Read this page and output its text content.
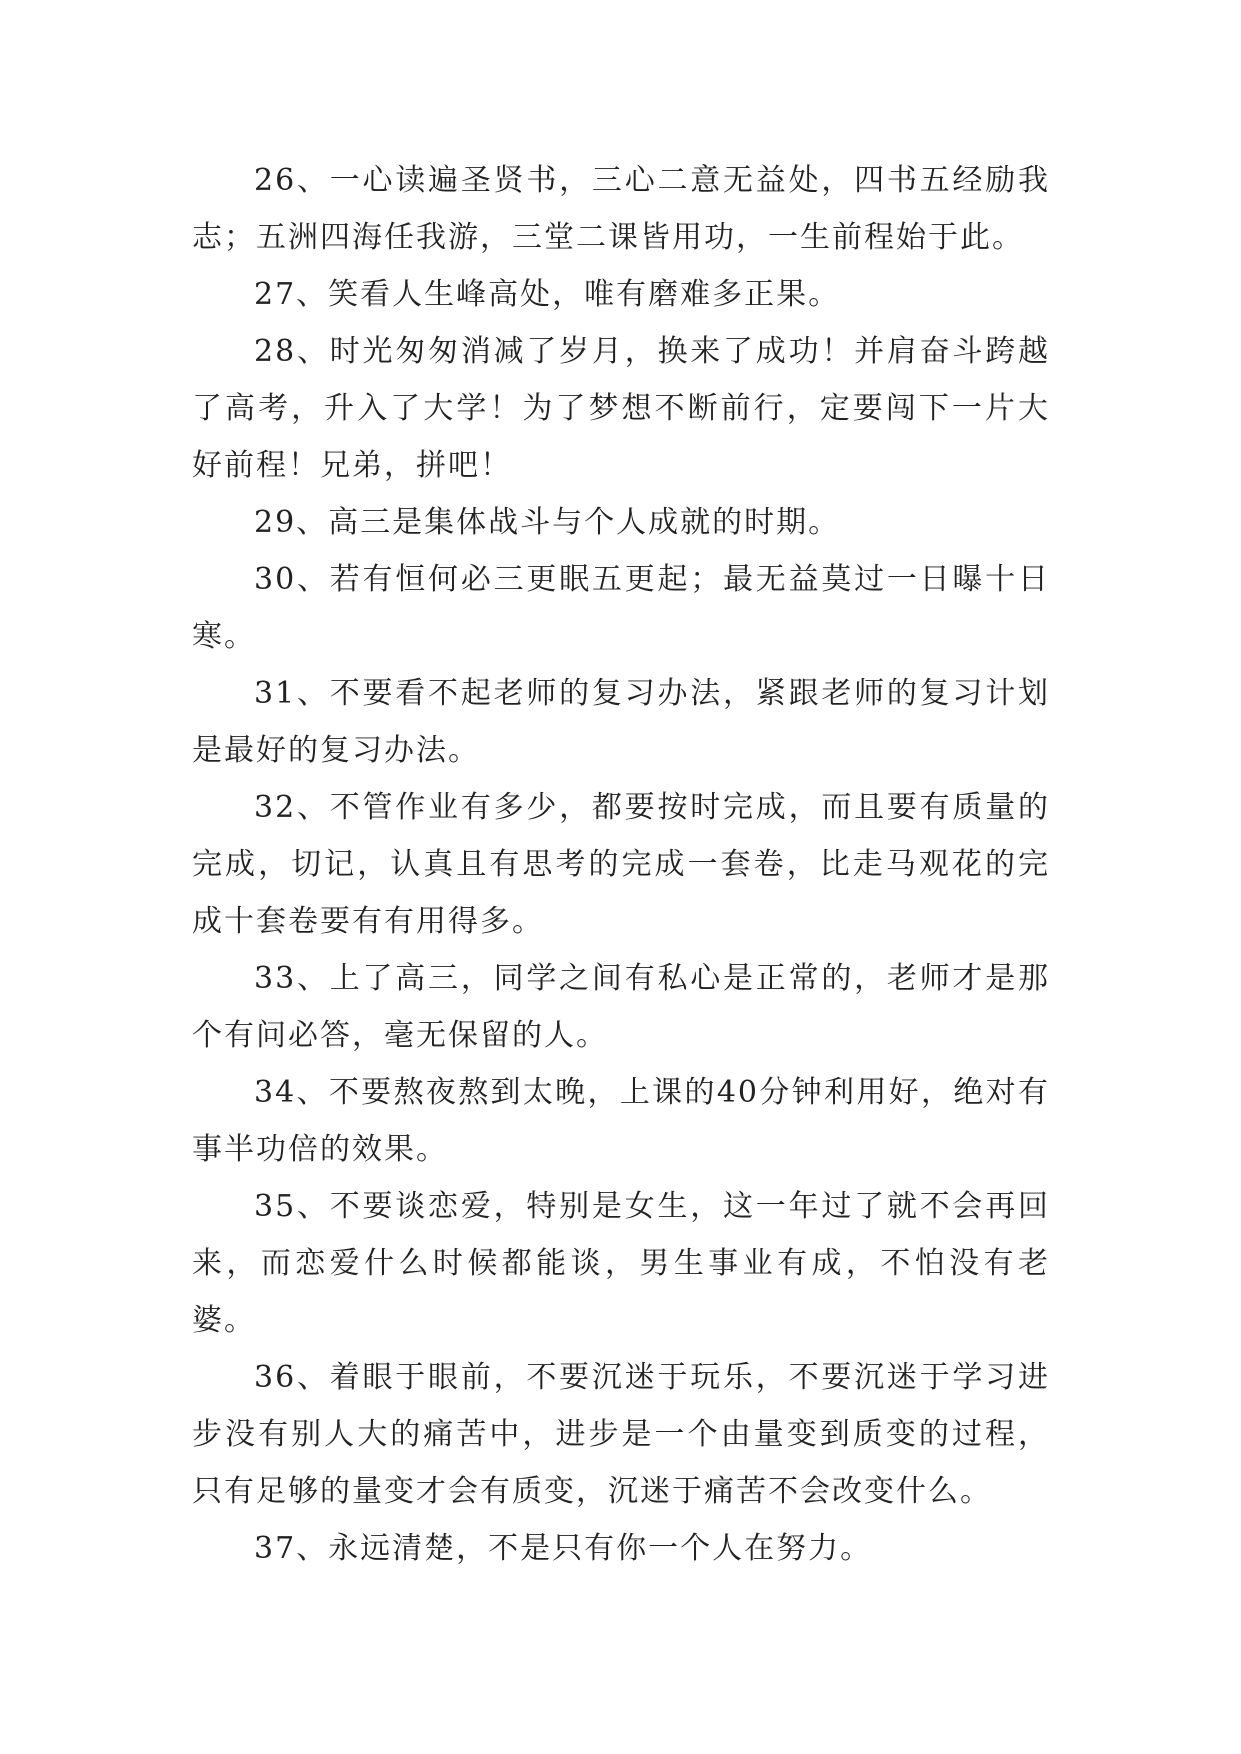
26、一心读遍圣贤书，三心二意无益处，四书五经励我志；五洲四海任我游，三堂二课皆用功，一生前程始于此。

27、笑看人生峰高处，唯有磨难多正果。

28、时光匆匆消减了岁月，换来了成功！并肩奋斗跨越了高考，升入了大学！为了梦想不断前行，定要闯下一片大好前程！兄弟，拼吧！

29、高三是集体战斗与个人成就的时期。

30、若有恒何必三更眠五更起；最无益莫过一日曝十日寒。

31、不要看不起老师的复习办法，紧跟老师的复习计划是最好的复习办法。

32、不管作业有多少，都要按时完成，而且要有质量的完成，切记，认真且有思考的完成一套卷，比走马观花的完成十套卷要有有用得多。

33、上了高三，同学之间有私心是正常的，老师才是那个有问必答，毫无保留的人。

34、不要熬夜熬到太晚，上课的40分钟利用好，绝对有事半功倍的效果。

35、不要谈恋爱，特别是女生，这一年过了就不会再回来，而恋爱什么时候都能谈，男生事业有成，不怕没有老婆。

36、着眼于眼前，不要沉迷于玩乐，不要沉迷于学习进步没有别人大的痛苦中，进步是一个由量变到质变的过程，只有足够的量变才会有质变，沉迷于痛苦不会改变什么。

37、永远清楚，不是只有你一个人在努力。
